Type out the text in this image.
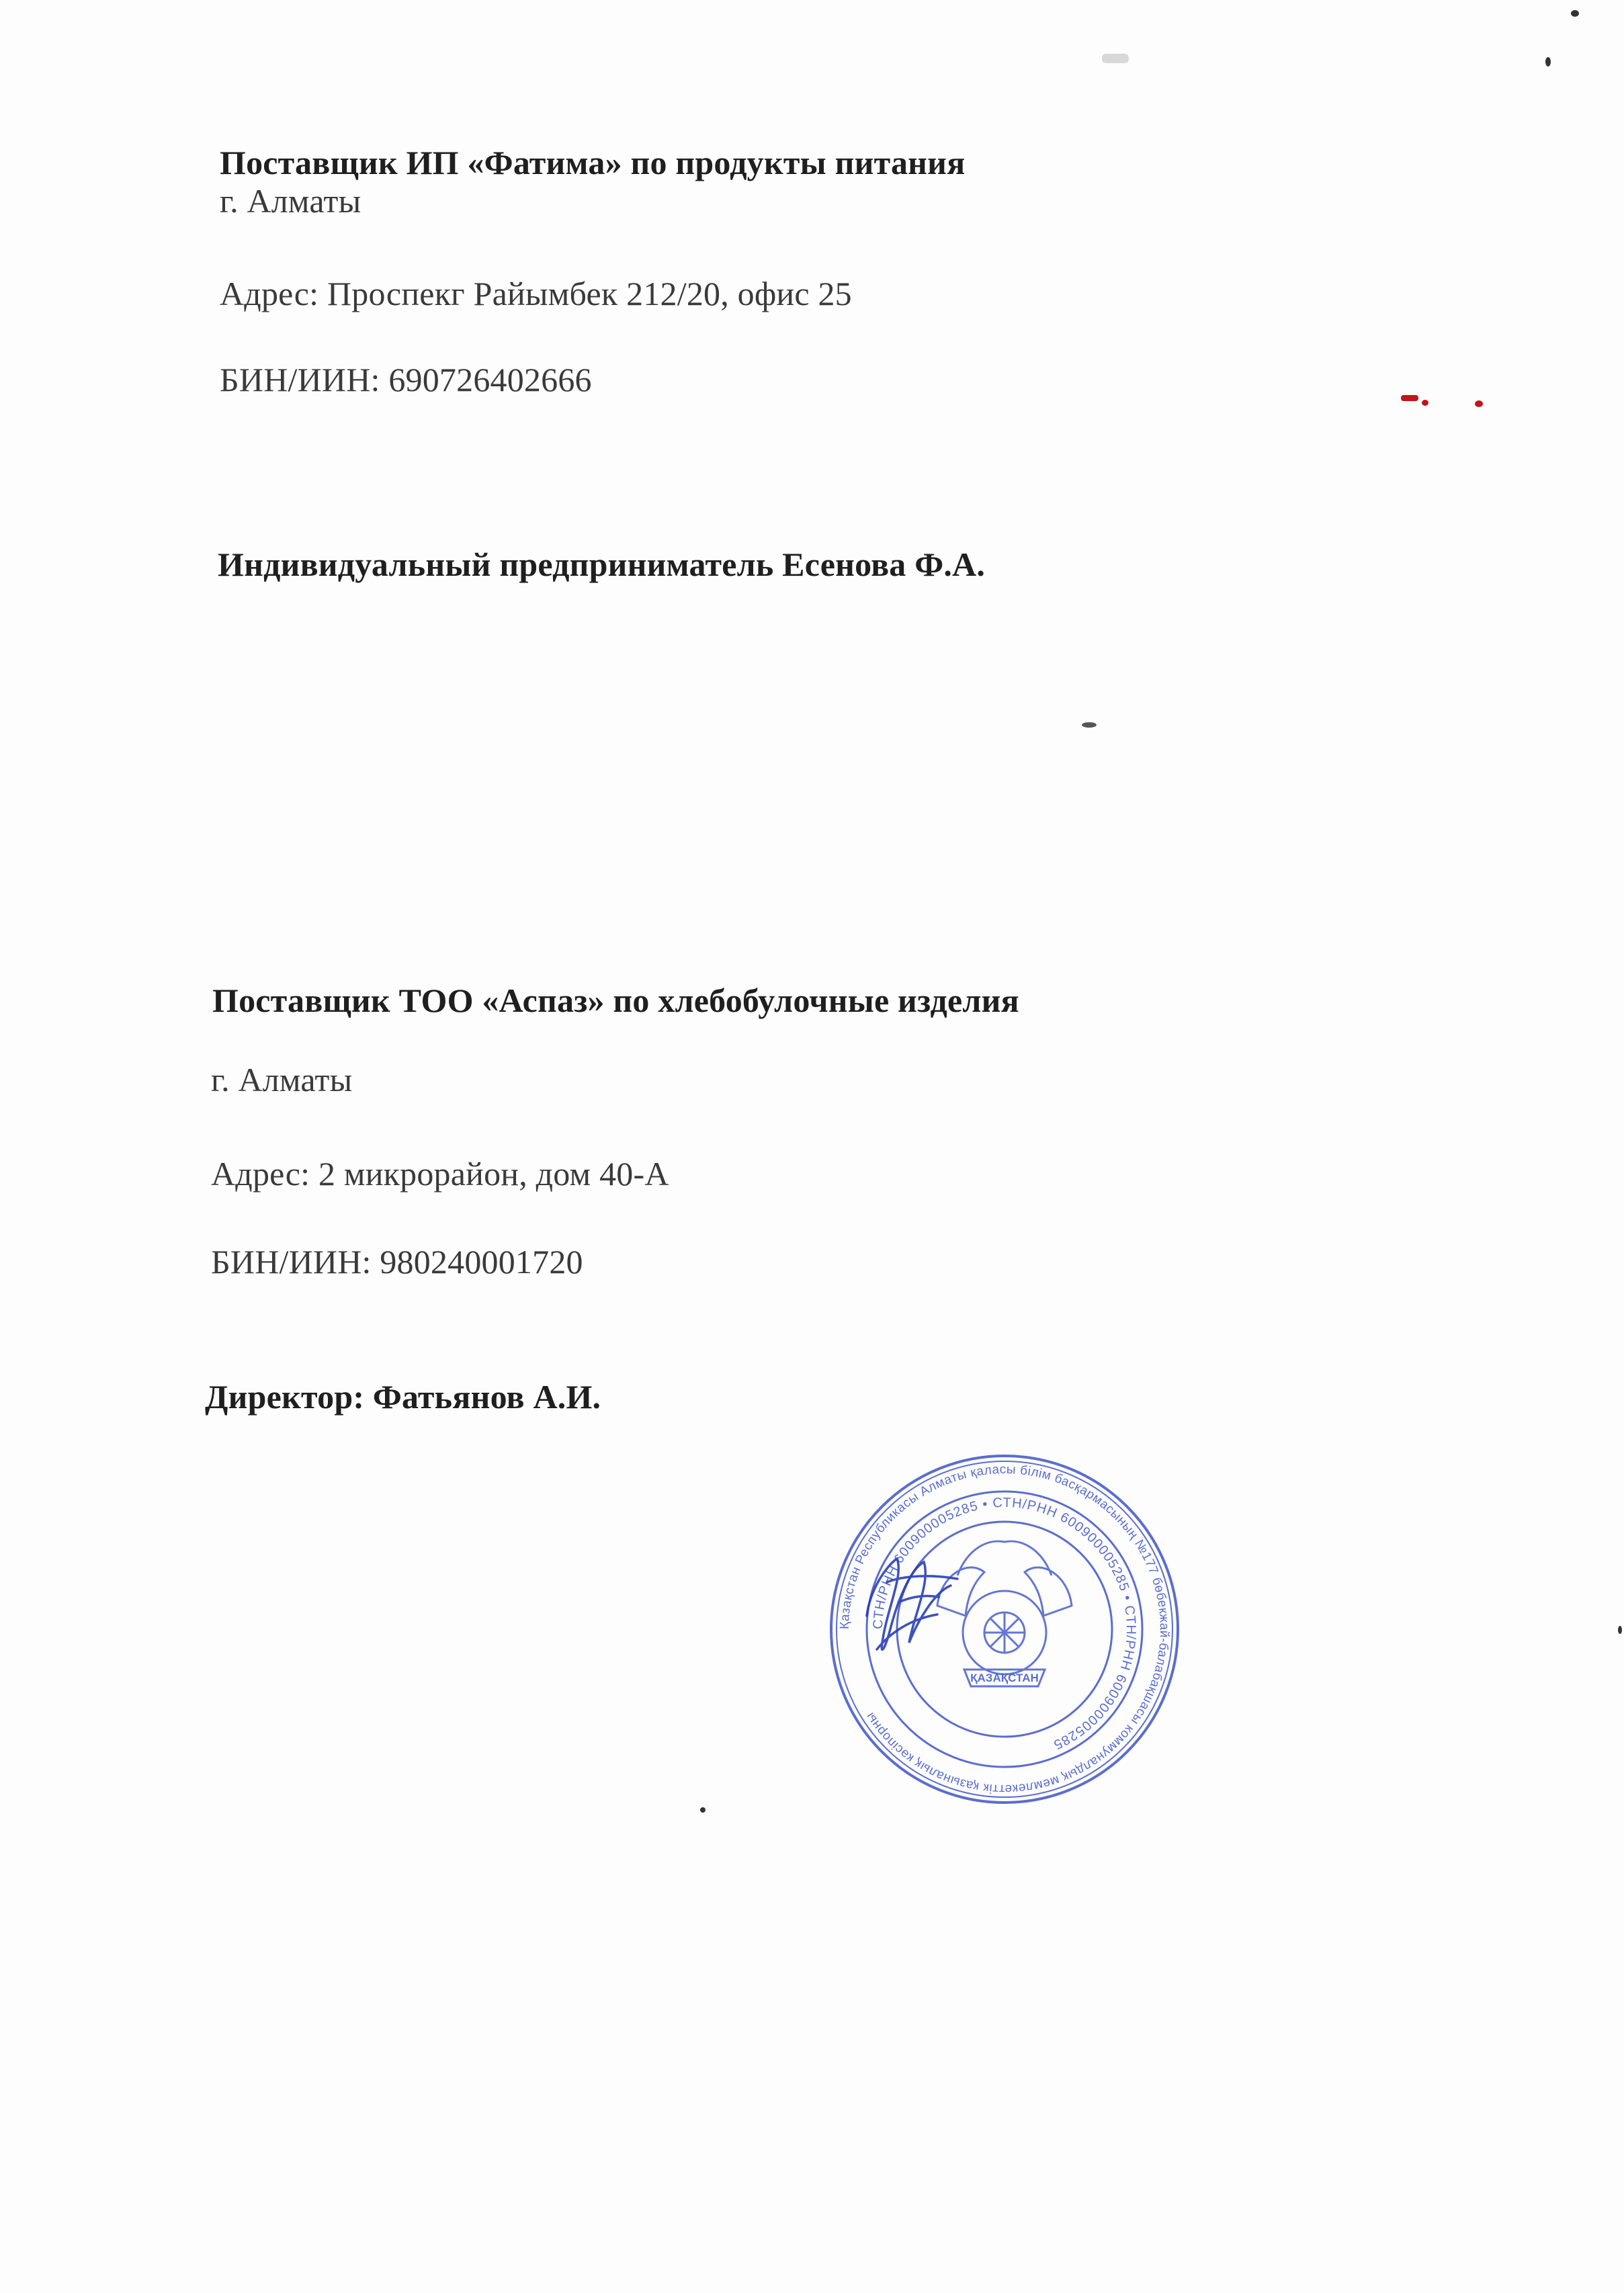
Поставщик ИП «Фатима» по продукты питания
г. Алматы
Адрес: Проспекг Райымбек 212/20, офис 25
БИН/ИИН: 690726402666
Индивидуальный предприниматель Есенова Ф.А.
Поставщик ТОО «Аспаз» по хлебобулочные изделия
г. Алматы
Адрес: 2 микрорайон, дом 40-А
БИН/ИИН: 980240001720
Директор: Фатьянов А.И.
Қазақстан Республикасы Алматы қаласы білім басқармасының №177 бөбекжай-балабақшасы коммуналдық мемлекеттік қазыналық кәсіпорны
СТН/РНН 600900005285 • СТН/РНН 600900005285 • СТН/РНН 600900005285
ҚАЗАҚСТАН
